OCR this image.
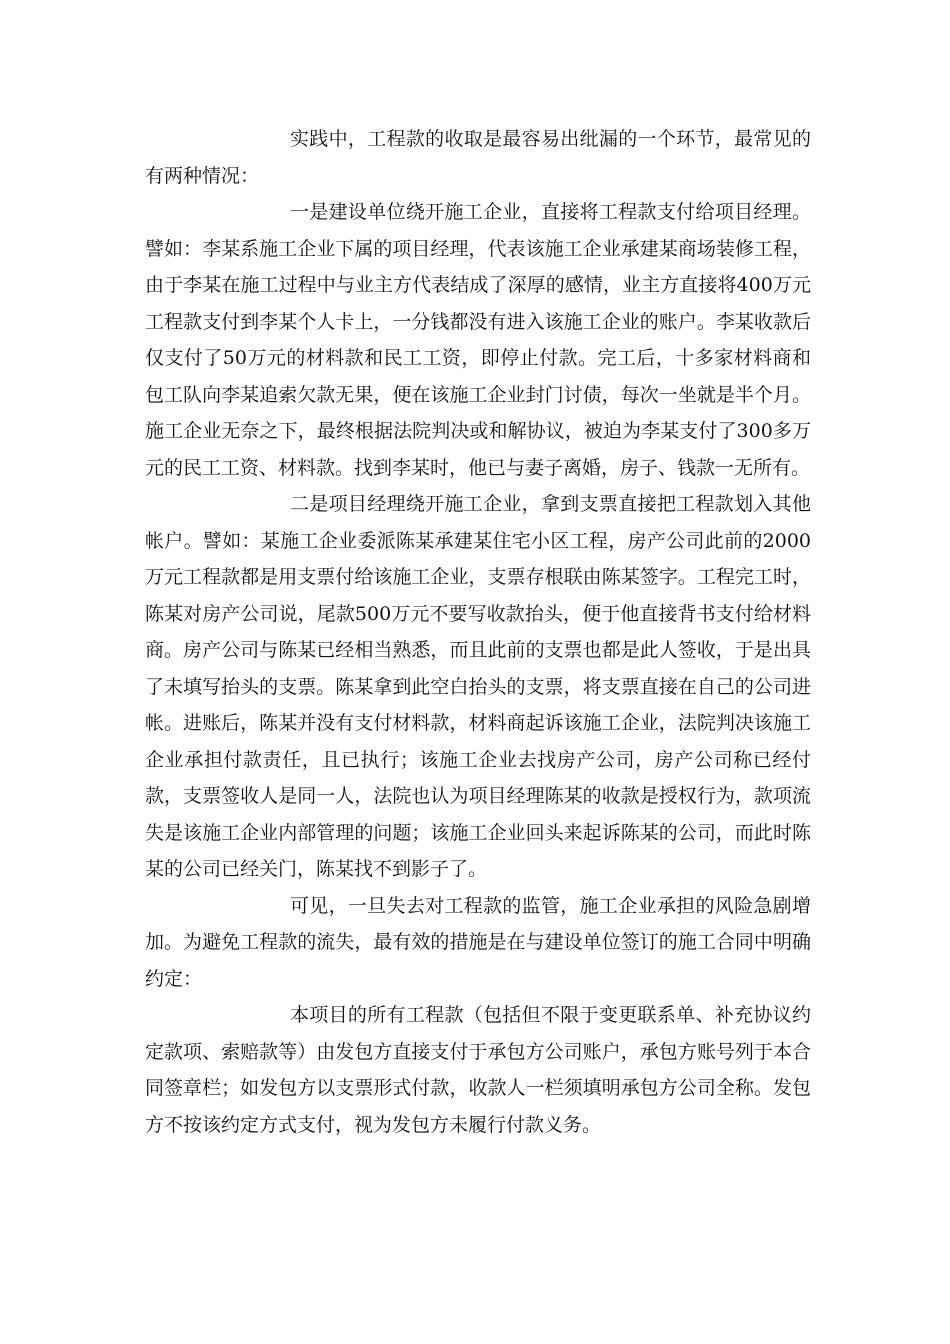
实践中，工程款的收取是最容易出纰漏的一个环节，最常见的有两种情况：

一是建设单位绕开施工企业，直接将工程款支付给项目经理。譬如：李某系施工企业下属的项目经理，代表该施工企业承建某商场装修工程，由于李某在施工过程中与业主方代表结成了深厚的感情，业主方直接将400万元工程款支付到李某个人卡上，一分钱都没有进入该施工企业的账户。李某收款后仅支付了50万元的材料款和民工工资，即停止付款。完工后，十多家材料商和包工队向李某追索欠款无果，便在该施工企业封门讨债，每次一坐就是半个月。施工企业无奈之下，最终根据法院判决或和解协议，被迫为李某支付了300多万元的民工工资、材料款。找到李某时，他已与妻子离婚，房子、钱款一无所有。

二是项目经理绕开施工企业，拿到支票直接把工程款划入其他帐户。譬如：某施工企业委派陈某承建某住宅小区工程，房产公司此前的2000万元工程款都是用支票付给该施工企业，支票存根联由陈某签字。工程完工时，陈某对房产公司说，尾款500万元不要写收款抬头，便于他直接背书支付给材料商。房产公司与陈某已经相当熟悉，而且此前的支票也都是此人签收，于是出具了未填写抬头的支票。陈某拿到此空白抬头的支票，将支票直接在自己的公司进帐。进账后，陈某并没有支付材料款，材料商起诉该施工企业，法院判决该施工企业承担付款责任，且已执行；该施工企业去找房产公司，房产公司称已经付款，支票签收人是同一人，法院也认为项目经理陈某的收款是授权行为，款项流失是该施工企业内部管理的问题；该施工企业回头来起诉陈某的公司，而此时陈某的公司已经关门，陈某找不到影子了。

可见，一旦失去对工程款的监管，施工企业承担的风险急剧增加。为避免工程款的流失，最有效的措施是在与建设单位签订的施工合同中明确约定：

本项目的所有工程款（包括但不限于变更联系单、补充协议约定款项、索赔款等）由发包方直接支付于承包方公司账户，承包方账号列于本合同签章栏；如发包方以支票形式付款，收款人一栏须填明承包方公司全称。发包方不按该约定方式支付，视为发包方未履行付款义务。
